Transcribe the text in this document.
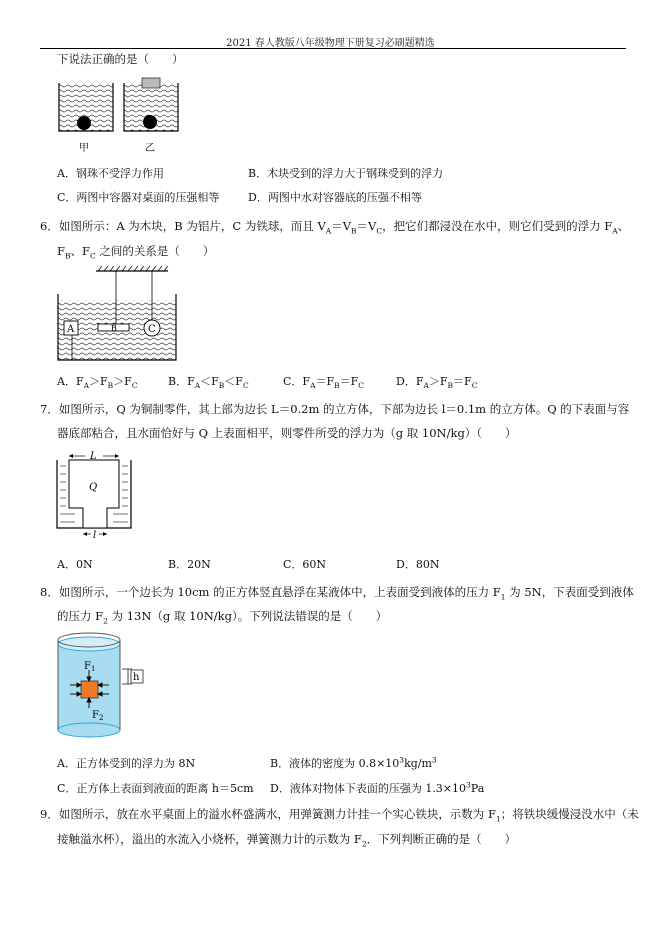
2021 春人教版八年级物理下册复习必刷题精选
下说法正确的是（　　）
甲	乙
A．钢珠不受浮力作用	B．木块受到的浮力大于钢珠受到的浮力
C．两图中容器对桌面的压强相等	D．两图中水对容器底的压强不相等
6．如图所示：A 为木块，B 为铝片，C 为铁球，而且 $V_A=V_B=V_C$，把它们都浸没在水中，则它们受到的浮力 $F_A$、
$F_B$、$F_C$ 之间的关系是（　　）
A	B	C
A．$F_A>F_B>F_C$	B．$F_A<F_B<F_C$	C．$F_A=F_B=F_C$	D．$F_A>F_B=F_C$
7．如图所示，Q 为铜制零件，其上部为边长 L＝0.2m 的立方体，下部为边长 l＝0.1m 的立方体。Q 的下表面与容
器底部粘合，且水面恰好与 Q 上表面相平，则零件所受的浮力为（g 取 10N/kg）（　　）
L
Q
l
A．0N	B．20N	C．60N	D．80N
8．如图所示，一个边长为 10cm 的正方体竖直悬浮在某液体中，上表面受到液体的压力 $F_1$ 为 5N，下表面受到液体
的压力 $F_2$ 为 13N（g 取 10N/kg）。下列说法错误的是（　　）
$F_1$
$F_2$
h
A．正方体受到的浮力为 8N	B．液体的密度为 $0.8\times 10^3kg/m^3$
C．正方体上表面到液面的距离 h＝5cm D．液体对物体下表面的压强为 $1.3\times 10^3Pa$
9．如图所示，放在水平桌面上的溢水杯盛满水，用弹簧测力计挂一个实心铁块，示数为 $F_1$；将铁块缓慢浸没水中（未
接触溢水杯），溢出的水流入小烧杯，弹簧测力计的示数为 $F_2$．下列判断正确的是（　　）
